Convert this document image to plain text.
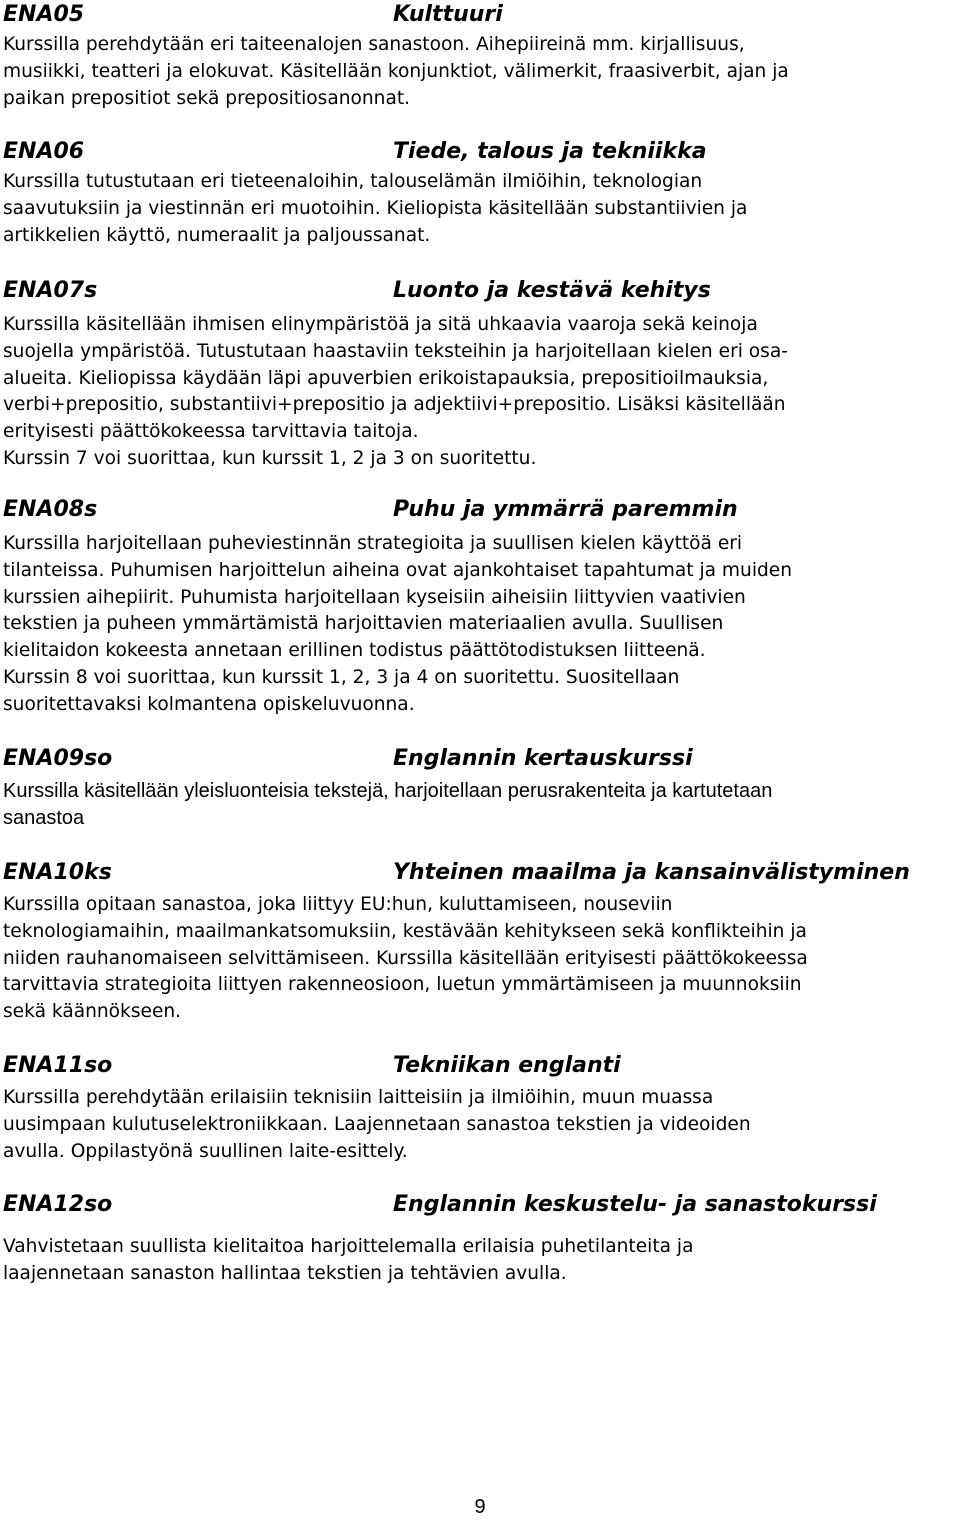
ENA05	Kulttuuri

Kurssilla perehdytään eri taiteenalojen sanastoon. Aihepiireinä mm. kirjallisuus,
musiikki, teatteri ja elokuvat. Käsitellään konjunktiot, välimerkit, fraasiverbit, ajan ja
paikan prepositiot sekä prepositiosanonnat.

ENA06	Tiede, talous ja tekniikka

Kurssilla tutustutaan eri tieteenaloihin, talouselämän ilmiöihin, teknologian
saavutuksiin ja viestinnän eri muotoihin. Kieliopista käsitellään substantiivien ja
artikkelien käyttö, numeraalit ja paljoussanat.

ENA07s	Luonto ja kestävä kehitys

Kurssilla käsitellään ihmisen elinympäristöä ja sitä uhkaavia vaaroja sekä keinoja
suojella ympäristöä. Tutustutaan haastaviin teksteihin ja harjoitellaan kielen eri osa-
alueita. Kieliopissa käydään läpi apuverbien erikoistapauksia, prepositioilmauksia,
verbi+prepositio, substantiivi+prepositio ja adjektiivi+prepositio. Lisäksi käsitellään
erityisesti päättökokeessa tarvittavia taitoja.
Kurssin 7 voi suorittaa, kun kurssit 1, 2 ja 3 on suoritettu.

ENA08s	Puhu ja ymmärrä paremmin

Kurssilla harjoitellaan puheviestinnän strategioita ja suullisen kielen käyttöä eri
tilanteissa. Puhumisen harjoittelun aiheina ovat ajankohtaiset tapahtumat ja muiden
kurssien aihepiirit. Puhumista harjoitellaan kyseisiin aiheisiin liittyvien vaativien
tekstien ja puheen ymmärtämistä harjoittavien materiaalien avulla. Suullisen
kielitaidon kokeesta annetaan erillinen todistus päättötodistuksen liitteenä.
Kurssin 8 voi suorittaa, kun kurssit 1, 2, 3 ja 4 on suoritettu. Suositellaan
suoritettavaksi kolmantena opiskeluvuonna.

ENA09so	Englannin kertauskurssi

Kurssilla käsitellään yleisluonteisia tekstejä, harjoitellaan perusrakenteita ja kartutetaan
sanastoa

ENA10ks	Yhteinen maailma ja kansainvälistyminen

Kurssilla opitaan sanastoa, joka liittyy EU:hun, kuluttamiseen, nouseviin
teknologiamaihin, maailmankatsomuksiin, kestävään kehitykseen sekä konflikteihin ja
niiden rauhanomaiseen selvittämiseen. Kurssilla käsitellään erityisesti päättökokeessa
tarvittavia strategioita liittyen rakenneosioon, luetun ymmärtämiseen ja muunnoksiin
sekä käännökseen.

ENA11so	Tekniikan englanti

Kurssilla perehdytään erilaisiin teknisiin laitteisiin ja ilmiöihin, muun muassa
uusimpaan kulutuselektroniikkaan. Laajennetaan sanastoa tekstien ja videoiden
avulla. Oppilastyönä suullinen laite-esittely.

ENA12so	Englannin keskustelu- ja sanastokurssi

Vahvistetaan suullista kielitaitoa harjoittelemalla erilaisia puhetilanteita ja
laajennetaan sanaston hallintaa tekstien ja tehtävien avulla.

9
